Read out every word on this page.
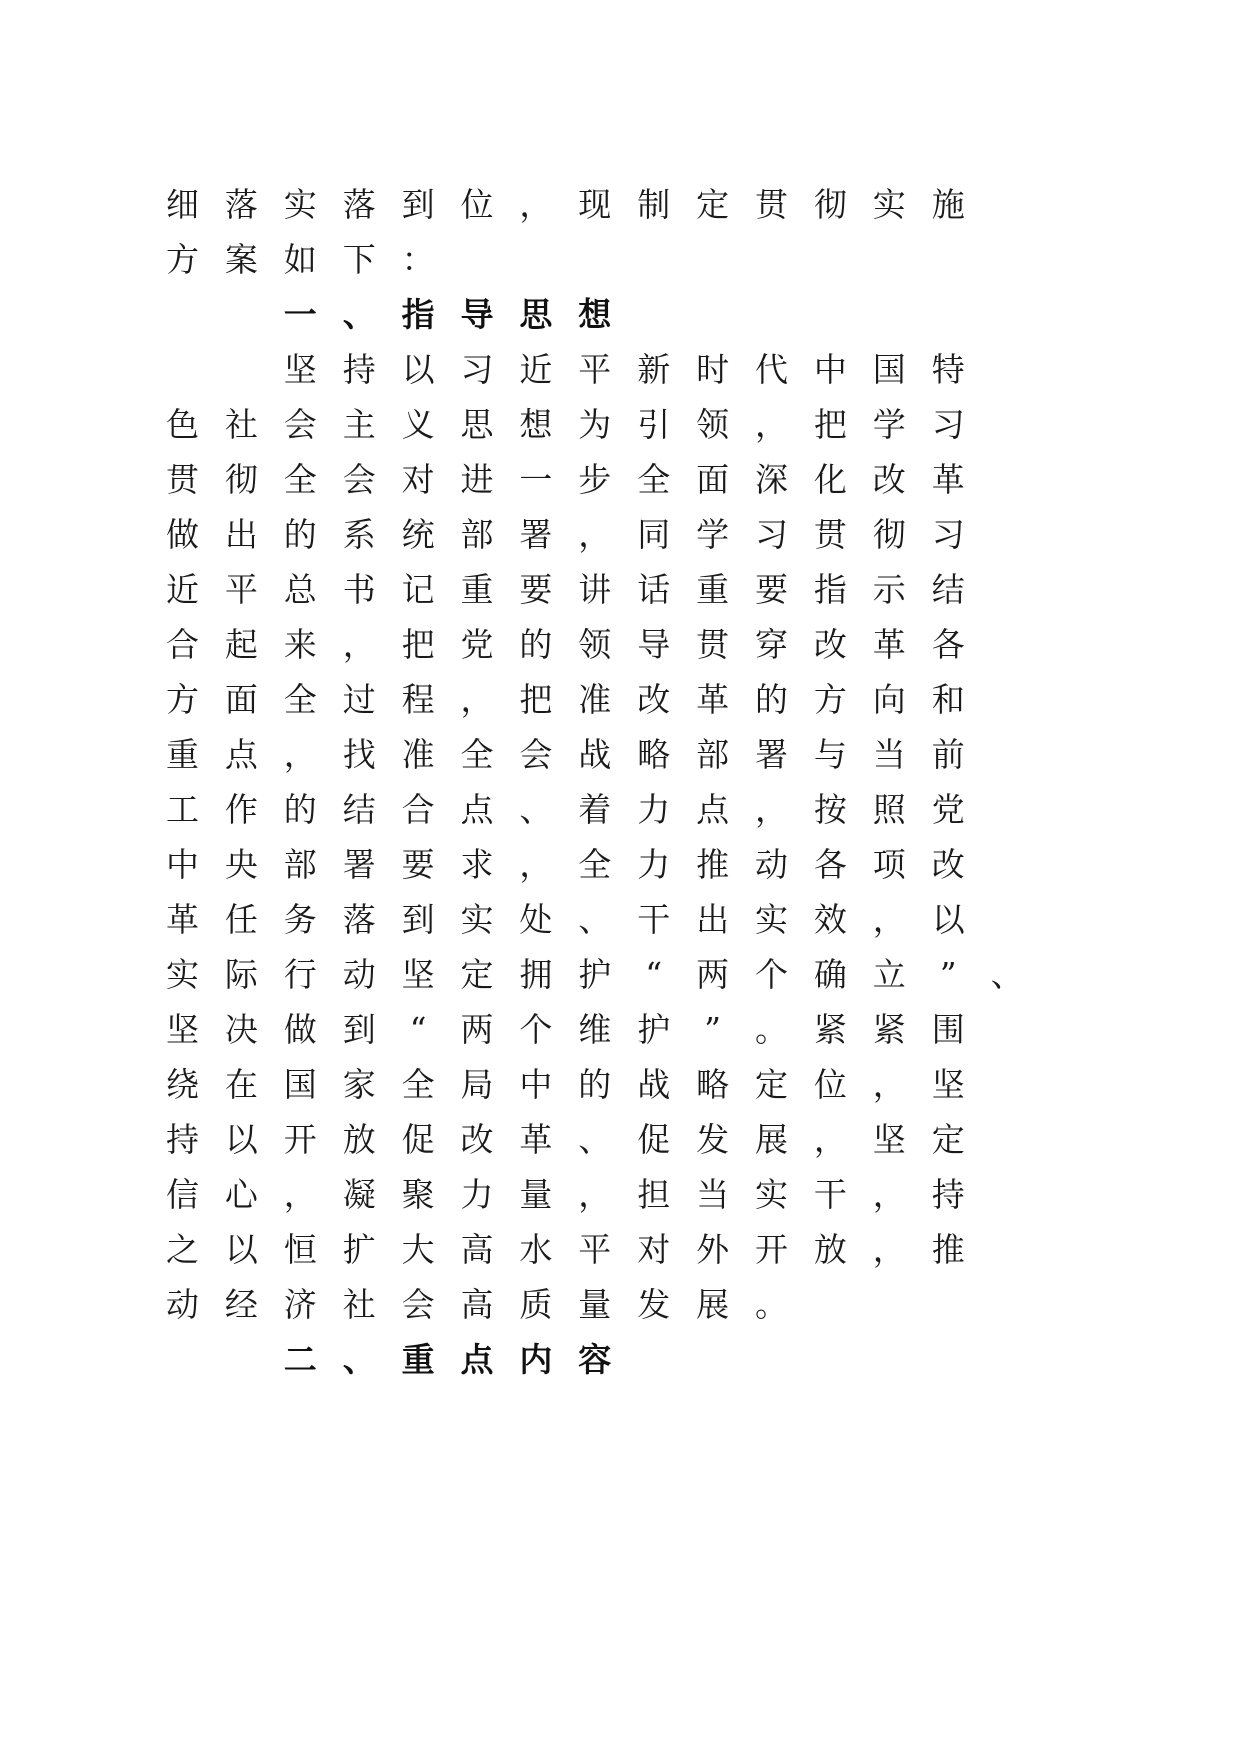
细 落 实 落 到 位 ， 现 制 定 贯 彻 实 施

方 案 如 下 ：

一 、 指 导 思 想

坚 持 以 习 近 平 新 时 代 中 国 特

色 社 会 主 义 思 想 为 引 领 ， 把 学 习

贯 彻 全 会 对 进 一 步 全 面 深 化 改 革

做 出 的 系 统 部 署 ， 同 学 习 贯 彻 习

近 平 总 书 记 重 要 讲 话 重 要 指 示 结

合 起 来 ， 把 党 的 领 导 贯 穿 改 革 各

方 面 全 过 程 ， 把 准 改 革 的 方 向 和

重 点 ， 找 准 全 会 战 略 部 署 与 当 前

工 作 的 结 合 点 、 着 力 点 ， 按 照 党

中 央 部 署 要 求 ， 全 力 推 动 各 项 改

革 任 务 落 到 实 处 、 干 出 实 效 ， 以

实 际 行 动 坚 定 拥 护	“	两 个 确 立	”	、

坚 决 做 到	“	两 个 维 护	”	。 紧 紧 围

绕 在 国 家 全 局 中 的 战 略 定 位 ， 坚

持 以 开 放 促 改 革 、 促 发 展 ， 坚 定

信 心 ， 凝 聚 力 量 ， 担 当 实 干 ， 持

之 以 恒 扩 大 高 水 平 对 外 开 放 ， 推

动 经 济 社 会 高 质 量 发 展 。

二 、 重 点 内 容
